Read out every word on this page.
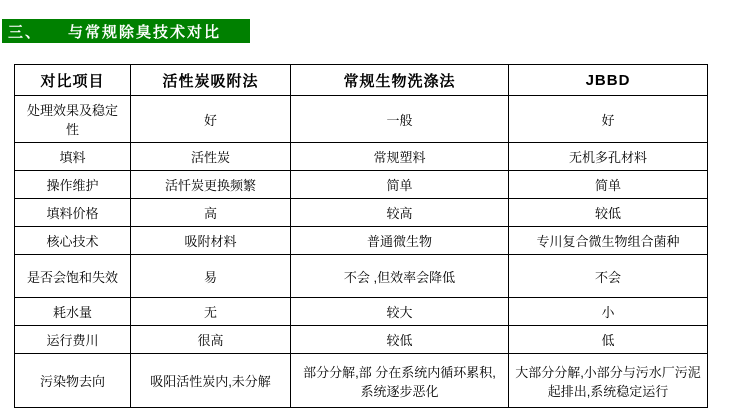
三、 与常规除臭技术对比
对比项目	活性炭吸附法	常规生物洗涤法	JBBD
处理效果及稳定性	好	一般	好
填料	活性炭	常规塑料	无机多孔材料
操作维护	活忏炭更换频繁	简单	简单
填料价格	高	较高	较低
核心技术	吸附材料	普通微生物	专川复合微生物组合菌种
是否会饱和失效	易	不会 ,但效率会降低	不会
耗水量	无	较大	小
运行费川	很高	较低	低
污染物去向	吸阳活性炭内,未分解	部分分解,部 分在系统内循环累积,系统逐步恶化	大部分分解,小部分与污水厂污泥起排出,系统稳定运行
